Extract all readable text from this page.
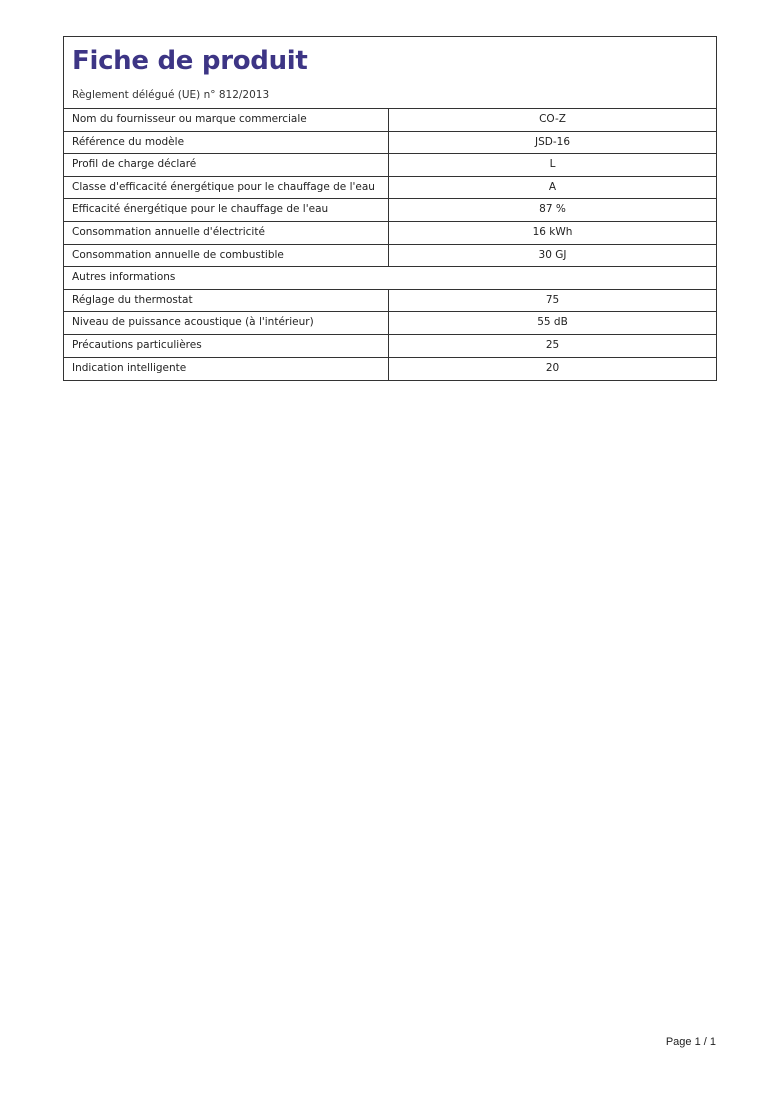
Fiche de produit
Règlement délégué (UE) n° 812/2013
Nom du fournisseur ou marque commerciale	CO-Z
Référence du modèle	JSD-16
Profil de charge déclaré	L
Classe d'efficacité énergétique pour le chauffage de l'eau	A
Efficacité énergétique pour le chauffage de l'eau	87 %
Consommation annuelle d'électricité	16 kWh
Consommation annuelle de combustible	30 GJ
Autres informations
Réglage du thermostat	75
Niveau de puissance acoustique (à l'intérieur)	55 dB
Précautions particulières	25
Indication intelligente	20
Page 1 / 1
